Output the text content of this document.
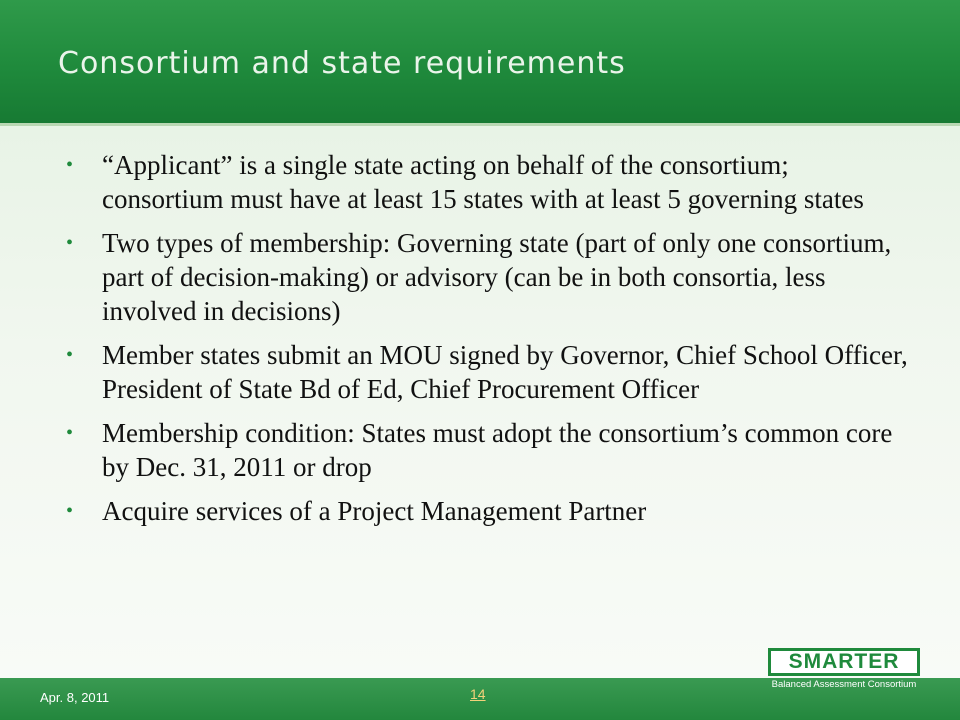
Consortium and state requirements
• “Applicant” is a single state acting on behalf of the consortium; consortium must have at least 15 states with at least 5 governing states
• Two types of membership: Governing state (part of only one consortium, part of decision-making) or advisory (can be in both consortia, less involved in decisions)
• Member states submit an MOU signed by Governor, Chief School Officer, President of State Bd of Ed, Chief Procurement Officer
• Membership condition: States must adopt the consortium’s common core by Dec. 31, 2011 or drop
• Acquire services of a Project Management Partner
Apr. 8, 2011	14
SMARTER
Balanced Assessment Consortium
